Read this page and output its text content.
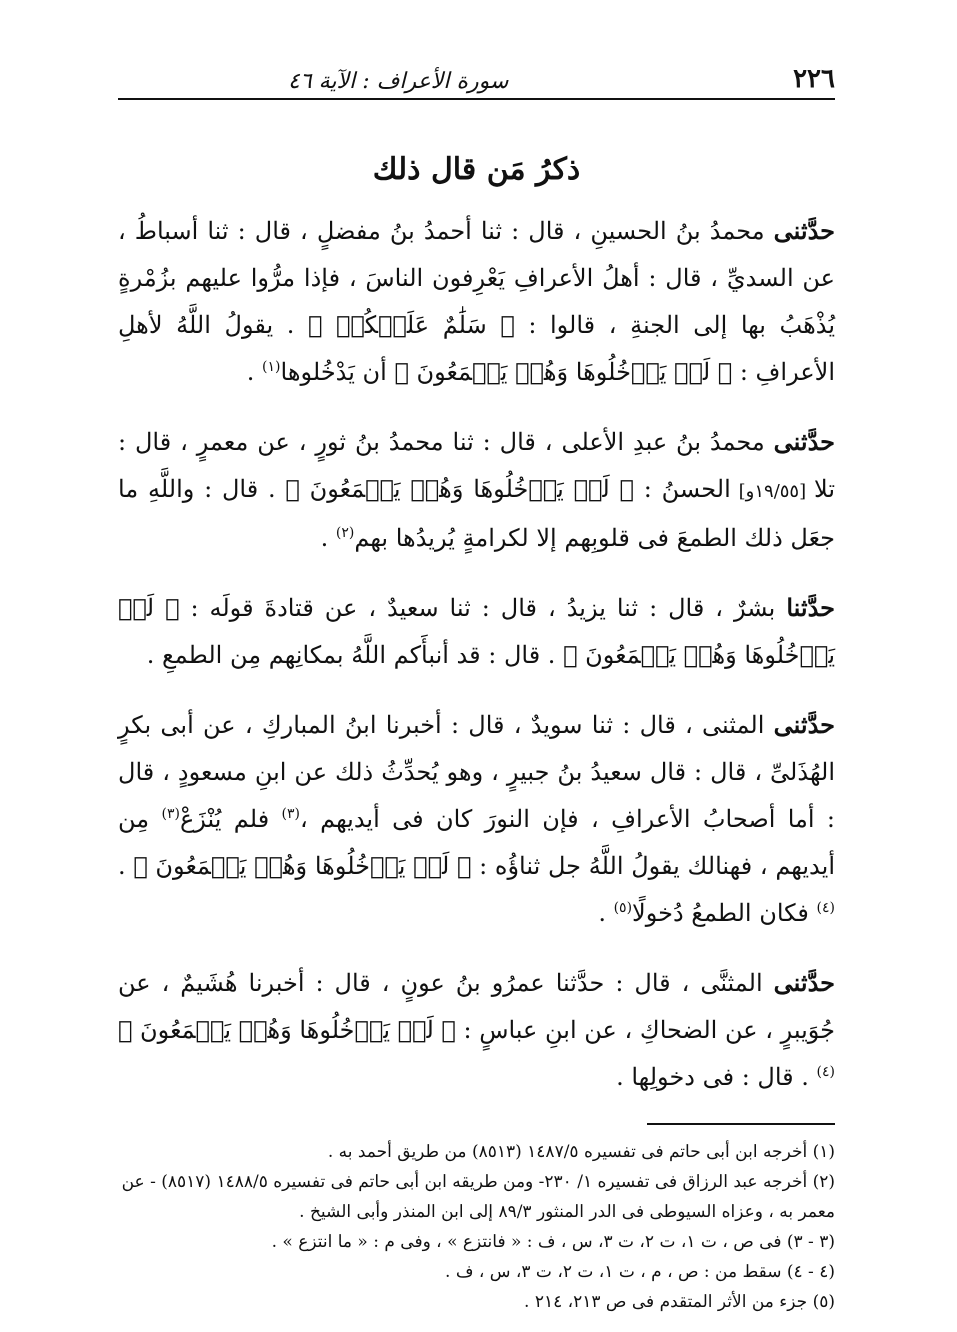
٢٢٦
سورة الأعراف : الآية ٤٦
ذكرُ مَن قال ذلك

حدَّثنى محمدُ بنُ الحسينِ ، قال : ثنا أحمدُ بنُ مفضلٍ ، قال : ثنا أسباطُ ، عن السديِّ ، قال : أهلُ الأعرافِ يَعْرِفون الناسَ ، فإذا مرُّوا عليهم بزُمْرةٍ يُذْهَبُ بها إلى الجنةِ ، قالوا : ﴿ سَلَٰمٌ عَلَيۡكُمۡ ﴾ . يقولُ اللَّهُ لأهلِ الأعرافِ : ﴿ لَمۡ يَدۡخُلُوهَا وَهُمۡ يَطۡمَعُونَ ﴾ أن يَدْخُلوها$^{(١)}$ .

حدَّثنى محمدُ بنُ عبدِ الأعلى ، قال : ثنا محمدُ بنُ ثورٍ ، عن معمرٍ ، قال : تلا [١٩/٥٥و] الحسنُ : ﴿ لَمۡ يَدۡخُلُوهَا وَهُمۡ يَطۡمَعُونَ ﴾ . قال : واللَّهِ ما جعَل ذلك الطمعَ فى قلوبِهم إلا لكرامةٍ يُريدُها بهم$^{(٢)}$ .

حدَّثنا بشرٌ ، قال : ثنا يزيدُ ، قال : ثنا سعيدٌ ، عن قتادةَ قولَه : ﴿ لَمۡ يَدۡخُلُوهَا وَهُمۡ يَطۡمَعُونَ ﴾ . قال : قد أنبأَكم اللَّهُ بمكانِهم مِن الطمعِ .

حدَّثنى المثنى ، قال : ثنا سويدٌ ، قال : أخبرنا ابنُ المباركِ ، عن أبى بكرٍ الهُذَلىِّ ، قال : قال سعيدُ بنُ جبيرٍ ، وهو يُحدِّثُ ذلك عن ابنِ مسعودٍ ، قال : أما أصحابُ الأعرافِ ، فإن النورَ كان فى أيديهم ،$^{(٣)}$ فلم يُنْزَعْ$^{(٣)}$ مِن أيديهم ، فهنالك يقولُ اللَّهُ جل ثناؤُه : ﴿ لَمۡ يَدۡخُلُوهَا وَهُمۡ يَطۡمَعُونَ ﴾ .$^{(٤)}$ فكان الطمعُ دُخولًا$^{(٥)}$ .

حدَّثنى المثنَّى ، قال : حدَّثنا عمرُو بنُ عونٍ ، قال : أخبرنا هُشَيمٌ ، عن جُوَيبرٍ ، عن الضحاكِ ، عن ابنِ عباسٍ : ﴿ لَمۡ يَدۡخُلُوهَا وَهُمۡ يَطۡمَعُونَ ﴾$^{(٤)}$ . قال : فى دخولِها .

(١) أخرجه ابن أبى حاتم فى تفسيره ١٤٨٧/٥ (٨٥١٣) من طريق أحمد به .

(٢) أخرجه عبد الرزاق فى تفسيره ١/ ٢٣٠- ومن طريقه ابن أبى حاتم فى تفسيره ١٤٨٨/٥ (٨٥١٧) - عن معمر به ، وعزاه السيوطى فى الدر المنثور ٨٩/٣ إلى ابن المنذر وأبى الشيخ .

(٣ - ٣) فى ص ، ت ١، ت ٢، ت ٣، س ، ف : « فانتزع » ، وفى م : « ما انتزع » .

(٤ - ٤) سقط من : ص ، م ، ت ١، ت ٢، ت ٣، س ، ف .

(٥) جزء من الأثر المتقدم فى ص ٢١٣، ٢١٤ .
